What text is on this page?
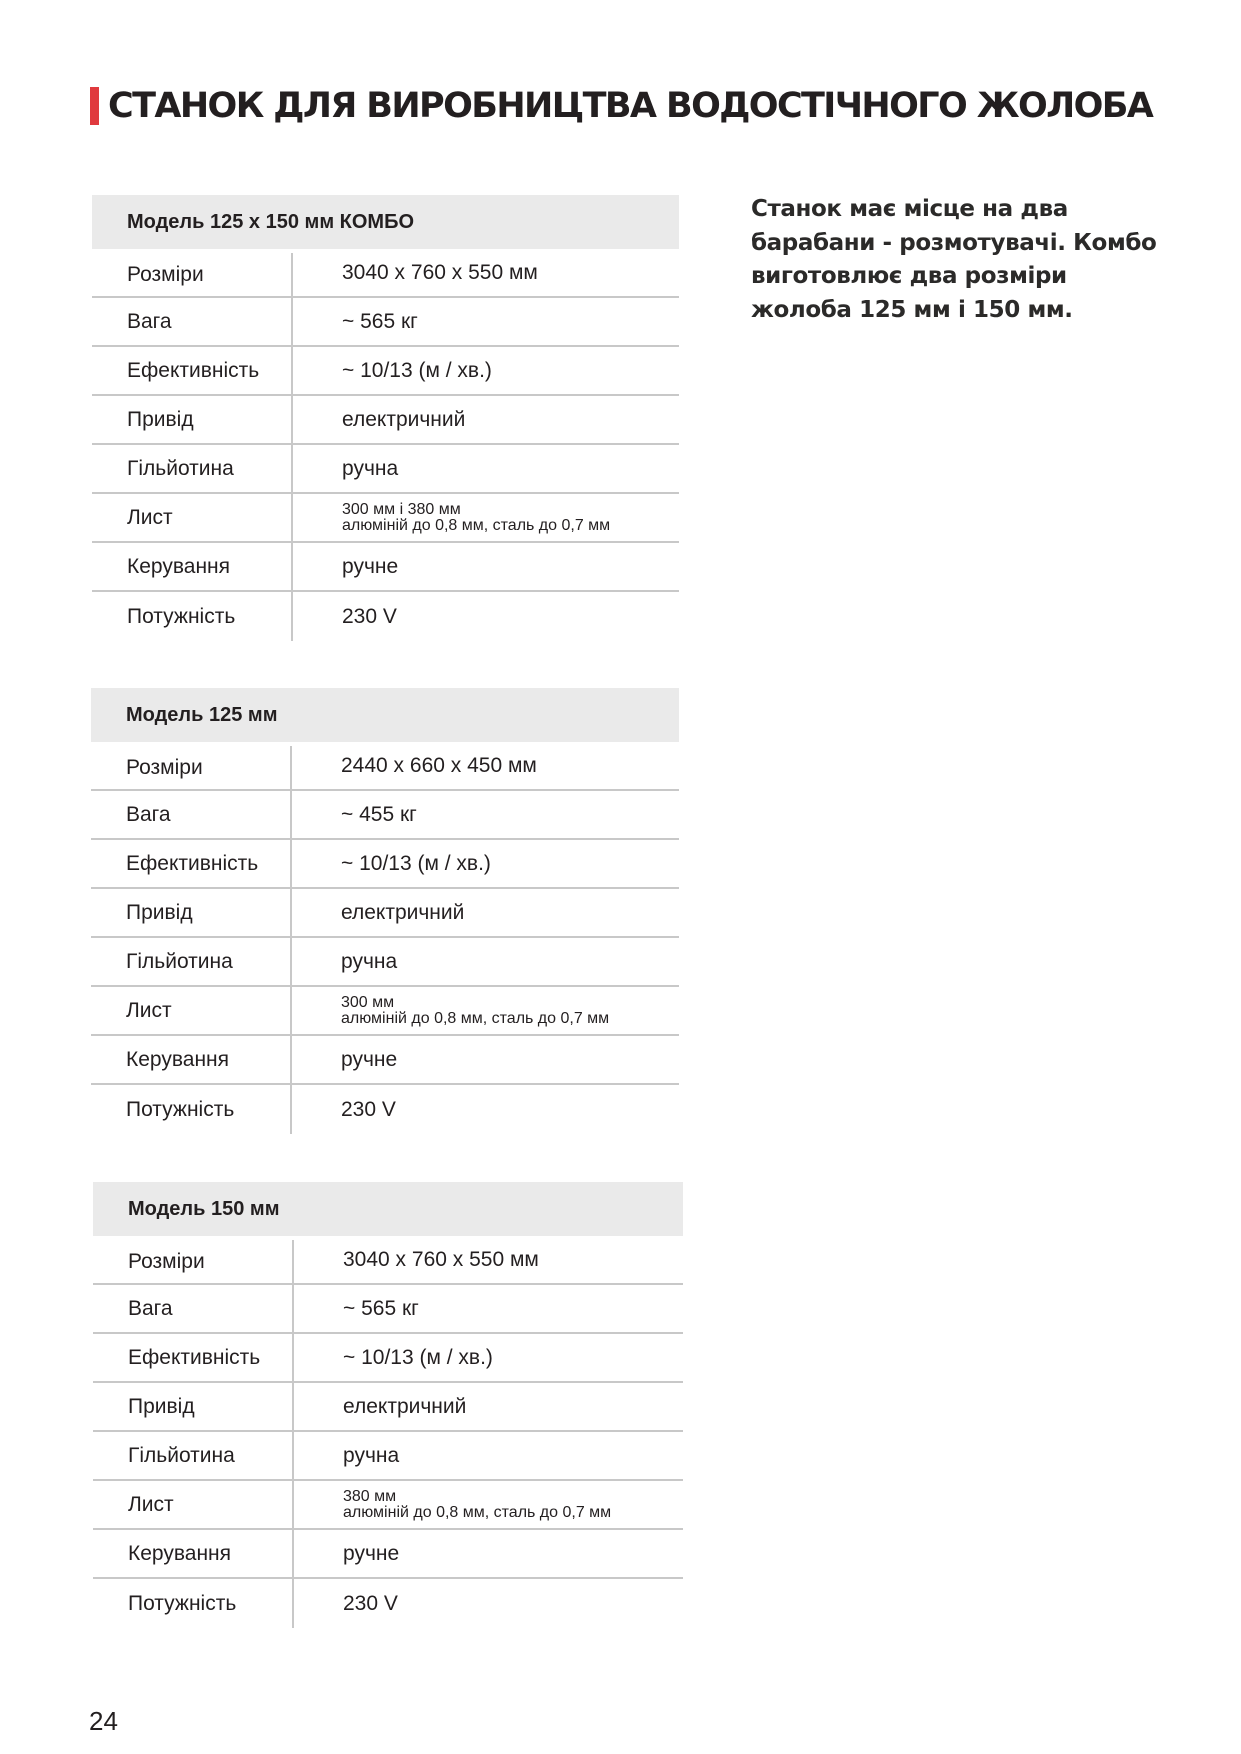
СТАНОК ДЛЯ ВИРОБНИЦТВА ВОДОСТІЧНОГО ЖОЛОБА
Станок має місце на два барабани - розмотувачі. Комбо виготовлює два розміри жолоба 125 мм і 150 мм.
Модель 125 х 150 мм КОМБО
Розміри	3040 х 760 х 550 мм
Вага	~ 565 кг
Ефективність	~ 10/13 (м / хв.)
Привід	електричний
Гільйотина	ручна
Лист	300 мм і 380 мм
алюміній до 0,8 мм, сталь до 0,7 мм
Керування	ручне
Потужність	230 V
Модель 125 мм
Розміри	2440 х 660 х 450 мм
Вага	~ 455 кг
Ефективність	~ 10/13 (м / хв.)
Привід	електричний
Гільйотина	ручна
Лист	300 мм
алюміній до 0,8 мм, сталь до 0,7 мм
Керування	ручне
Потужність	230 V
Модель 150 мм
Розміри	3040 х 760 х 550 мм
Вага	~ 565 кг
Ефективність	~ 10/13 (м / хв.)
Привід	електричний
Гільйотина	ручна
Лист	380 мм
алюміній до 0,8 мм, сталь до 0,7 мм
Керування	ручне
Потужність	230 V
24
